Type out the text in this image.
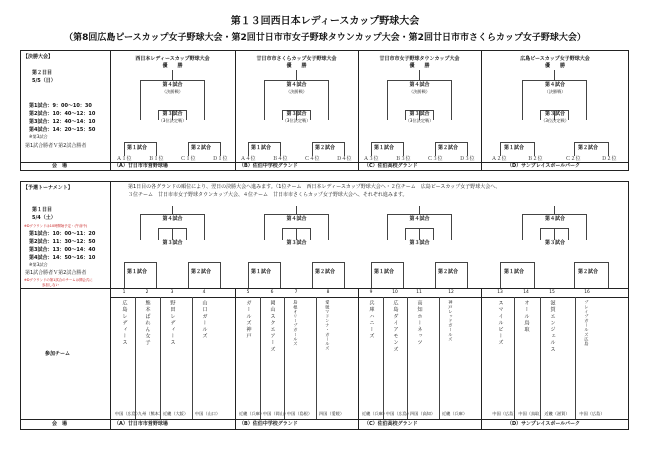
第１３回西日本レディースカップ野球大会
（第8回広島ピースカップ女子野球大会・第2回廿日市市女子野球タウンカップ大会・第2回廿日市市さくらカップ女子野球大会）
【決勝大会】
第２日目
5/5（日）
第1試合：9：00～10：30
第2試合：10：40～12：10
第3試合：12：40～14：10
第4試合：14：20～15：50
※第3試合
第1試合勝者Ｖ第2試合勝者
会　場
西日本レディースカップ野球大会
優　　勝
第４試合
（決勝戦）
第３試合
（3位決定戦）
第１試合	第２試合
Ａ１位	Ｂ１位	Ｃ１位	Ｄ１位
（A）廿日市市営野球場
廿日市市さくらカップ女子野球大会
優　　勝
第４試合
（決勝戦）
第３試合
（3位決定戦）
第１試合	第２試合
Ａ４位	Ｂ４位	Ｃ４位	Ｄ４位
（B）佐伯中学校グランド
廿日市市女子野球タウンカップ大会
優　　勝
第４試合
（決勝戦）
第３試合
（3位決定戦）
第１試合	第２試合
Ａ３位	Ｂ３位	Ｃ３位	Ｄ３位
（C）佐伯高校グランド
広島ピースカップ女子野球大会
優　　勝
第４試合
（決勝戦）
第３試合
（3位決定戦）
第１試合	第２試合
Ａ２位	Ｂ２位	Ｃ２位	Ｄ２位
（D）サンプレイスボールパーク
【予選トーナメント】	第1日目の各グランドの順位により、翌日の決勝大会へ進みます。（1位チーム　西日本レディースカップ野球大会へ・２位チーム　広島ピースカップ女子野球大会へ、
３位チーム　廿日市市女子野球タウンカップ大会、４位チーム　廿日市市さくらカップ女子野球大会へ、それぞれ進みます。
第１日目
5/4（土）
※Dグラウンドは10時開始予定・(午前中)
第1試合：10：00～11：20
第2試合：11：30～12：50
第3試合：13：00～14：40
第4試合：14：50～16：10
※第3試合
第1試合勝者Ｖ第2試合勝者
※Dグラウンドの第1試合のチームは開会式に
参加しない
参加チーム
会　場	（A）廿日市市営野球場	（B）佐伯中学校グランド	（C）佐伯高校グランド	（D）サンプレイスボールパーク
第４試合
第３試合
第１試合	第２試合
第４試合
第３試合
第１試合	第２試合
第４試合
第３試合
第１試合	第２試合
第４試合
第３試合
第１試合	第２試合
1
広島レディース
中国（広島）
2
熊本ぱれん女子
九州（熊本）
3
野田レディース
近畿（大阪）
4
山口ガールズ
中国（山口）
5
ガールズ神戸
近畿（兵庫）
6
岡山スクエアーズ
中国（岡山）
7
島根オリーブガールズ
中国（島根）
8
愛媛マドンナ・ガールズ
四国（愛媛）
9
兵庫ハニーズ
近畿（兵庫）
10
広島ダイアモンズ
中国（広島）
11
高知ホーネッツ
四国（高知）
12
神戸レッドガールズ
近畿（兵庫）
13
スマイルビーズ
中国（広島）
14
オール鳥取
中国（鳥取）
15
滋賀エンジェルス
近畿（滋賀）
16
ブレイブガールズ広島
中国（広島）
